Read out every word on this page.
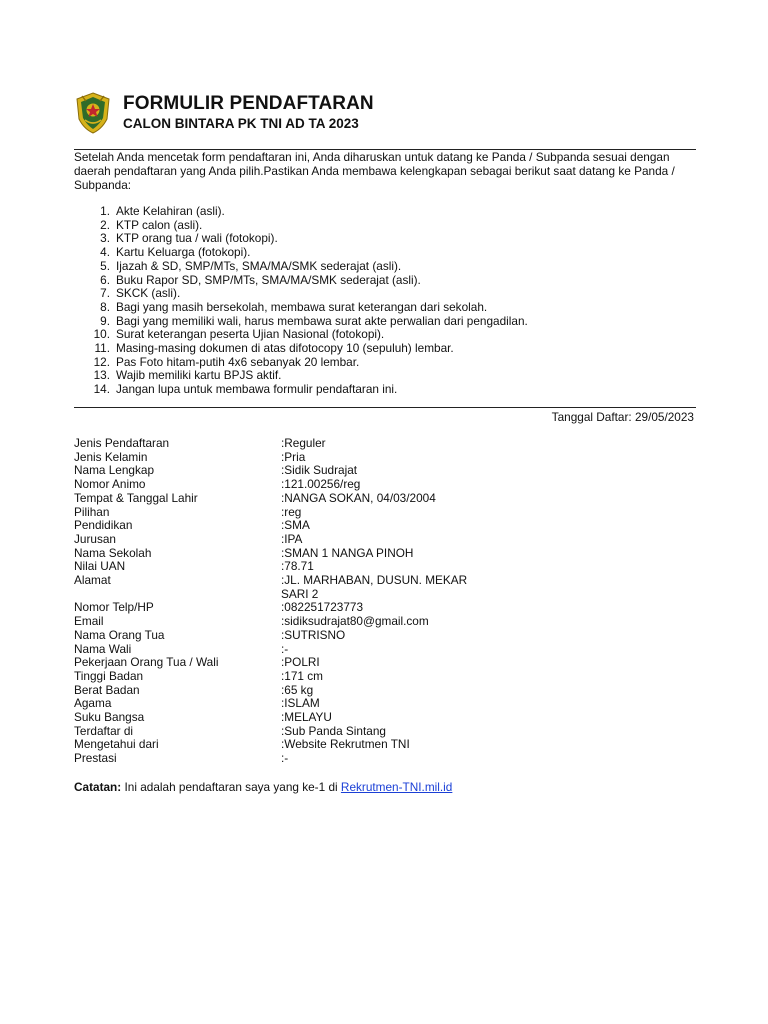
FORMULIR PENDAFTARAN
CALON BINTARA PK TNI AD TA 2023
Setelah Anda mencetak form pendaftaran ini, Anda diharuskan untuk datang ke Panda / Subpanda sesuai dengan daerah pendaftaran yang Anda pilih.Pastikan Anda membawa kelengkapan sebagai berikut saat datang ke Panda / Subpanda:
1. Akte Kelahiran (asli).
2. KTP calon (asli).
3. KTP orang tua / wali (fotokopi).
4. Kartu Keluarga (fotokopi).
5. Ijazah & SD, SMP/MTs, SMA/MA/SMK sederajat (asli).
6. Buku Rapor SD, SMP/MTs, SMA/MA/SMK sederajat (asli).
7. SKCK (asli).
8. Bagi yang masih bersekolah, membawa surat keterangan dari sekolah.
9. Bagi yang memiliki wali, harus membawa surat akte perwalian dari pengadilan.
10. Surat keterangan peserta Ujian Nasional (fotokopi).
11. Masing-masing dokumen di atas difotocopy 10 (sepuluh) lembar.
12. Pas Foto hitam-putih 4x6 sebanyak 20 lembar.
13. Wajib memiliki kartu BPJS aktif.
14. Jangan lupa untuk membawa formulir pendaftaran ini.
Tanggal Daftar: 29/05/2023
Jenis Pendaftaran	:Reguler
Jenis Kelamin	:Pria
Nama Lengkap	:Sidik Sudrajat
Nomor Animo	:121.00256/reg
Tempat & Tanggal Lahir	:NANGA SOKAN, 04/03/2004
Pilihan	:reg
Pendidikan	:SMA
Jurusan	:IPA
Nama Sekolah	:SMAN 1 NANGA PINOH
Nilai UAN	:78.71
Alamat	:JL. MARHABAN, DUSUN. MEKAR SARI 2
Nomor Telp/HP	:082251723773
Email	:sidiksudrajat80@gmail.com
Nama Orang Tua	:SUTRISNO
Nama Wali	:-
Pekerjaan Orang Tua / Wali	:POLRI
Tinggi Badan	:171 cm
Berat Badan	:65 kg
Agama	:ISLAM
Suku Bangsa	:MELAYU
Terdaftar di	:Sub Panda Sintang
Mengetahui dari	:Website Rekrutmen TNI
Prestasi	:-
Catatan: Ini adalah pendaftaran saya yang ke-1 di Rekrutmen-TNI.mil.id
